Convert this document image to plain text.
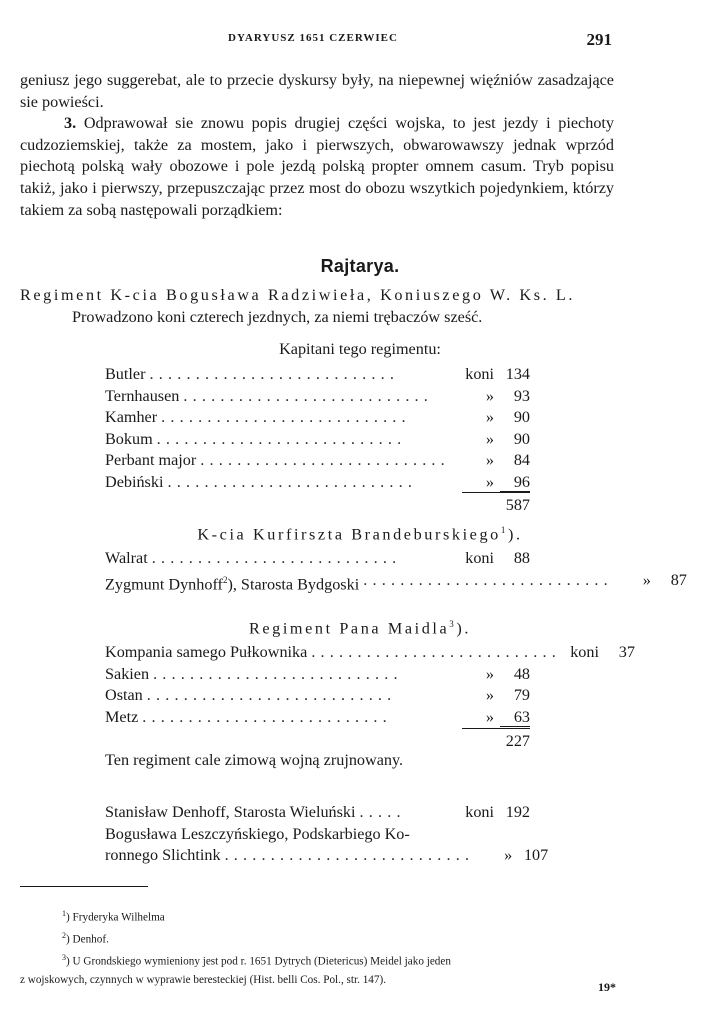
DYARYUSZ 1651 CZERWIEC	291

geniusz jego suggerebat, ale to przecie dyskursy były, na niepewnej więźniów zasadzające sie powieści.

3. Odprawował sie znowu popis drugiej części wojska, to jest jezdy i piechoty cudzoziemskiej, także za mostem, jako i pierwszych, obwarowawszy jednak wprzód piechotą polską wały obozowe i pole jezdą polską propter omnem casum. Tryb popisu takiż, jako i pierwszy, przepuszczając przez most do obozu wszytkich pojedynkiem, którzy takiem za sobą następowali porządkiem:

Rajtarya.
Regiment K-cia Bogusława Radziwieła, Koniuszego W. Ks. L.
Prowadzono koni czterech jezdnych, za niemi trębaczów sześć.
Kapitani tego regimentu:
Butler ...........................	koni 134
Ternhausen ...........................	»	93
Kamher ...........................	»	90
Bokum ...........................	»	90
Perbant major ...........................	»	84
Debiński ...........................	»	96
587
K-cia Kurfirszta Brandeburskiego$^1$).
Walrat ...........................	koni	88
Zygmunt Dynhoff$^2$), Starosta Bydgoski ...........................	»	87
Regiment Pana Maidla$^3$).
Kompania samego Pułkownika ........................... koni	37
Sakien ...........................	»	48
Ostan ...........................	»	79
Metz ...........................	»	63
227
Ten regiment cale zimową wojną zrujnowany.
Stanisław Denhoff, Starosta Wieluński .....	koni 192
Bogusława Leszczyńskiego, Podskarbiego Ko-
ronnego Slichtink ...........................	» 107

$^1$) Fryderyka Wilhelma

$^2$) Denhof.

$^3$) U Grondskiego wymieniony jest pod r. 1651 Dytrych (Dietericus) Meidel jako jeden

z wojskowych, czynnych w wyprawie beresteckiej (Hist. belli Cos. Pol., str. 147).

19*
